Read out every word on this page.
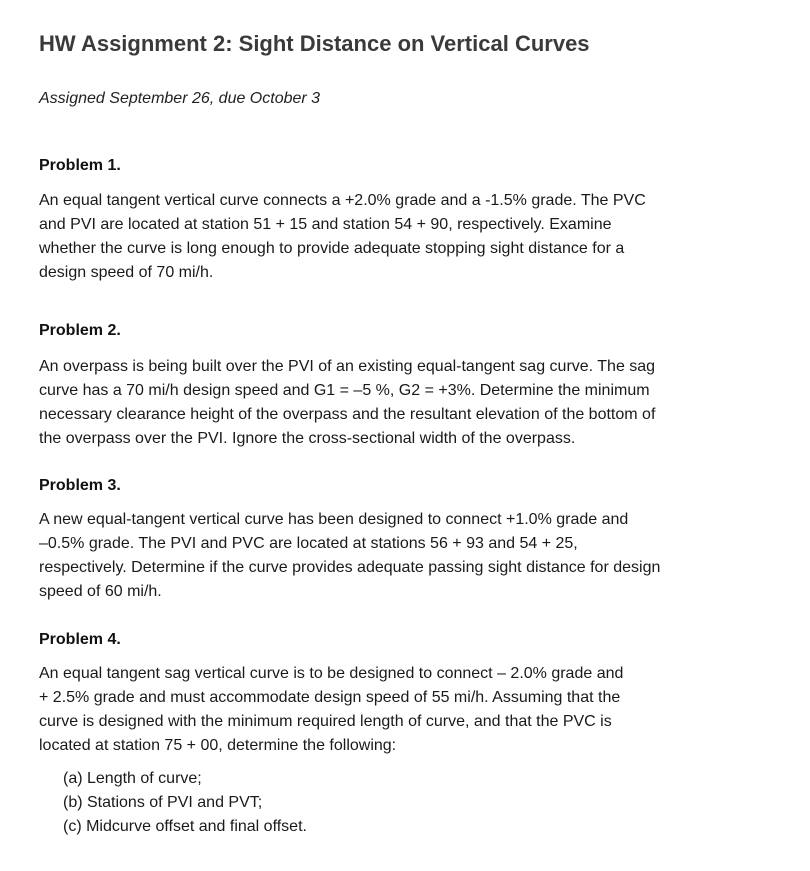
HW Assignment 2: Sight Distance on Vertical Curves

Assigned September 26, due October 3

Problem 1.

An equal tangent vertical curve connects a +2.0% grade and a -1.5% grade. The PVC
and PVI are located at station 51 + 15 and station 54 + 90, respectively. Examine
whether the curve is long enough to provide adequate stopping sight distance for a
design speed of 70 mi/h.

Problem 2.

An overpass is being built over the PVI of an existing equal-tangent sag curve. The sag
curve has a 70 mi/h design speed and G1 = –5 %, G2 = +3%. Determine the minimum
necessary clearance height of the overpass and the resultant elevation of the bottom of
the overpass over the PVI. Ignore the cross-sectional width of the overpass.

Problem 3.

A new equal-tangent vertical curve has been designed to connect +1.0% grade and
–0.5% grade. The PVI and PVC are located at stations 56 + 93 and 54 + 25,
respectively. Determine if the curve provides adequate passing sight distance for design
speed of 60 mi/h.

Problem 4.

An equal tangent sag vertical curve is to be designed to connect – 2.0% grade and
+ 2.5% grade and must accommodate design speed of 55 mi/h. Assuming that the
curve is designed with the minimum required length of curve, and that the PVC is
located at station 75 + 00, determine the following:
(a) Length of curve;
(b) Stations of PVI and PVT;
(c) Midcurve offset and final offset.
